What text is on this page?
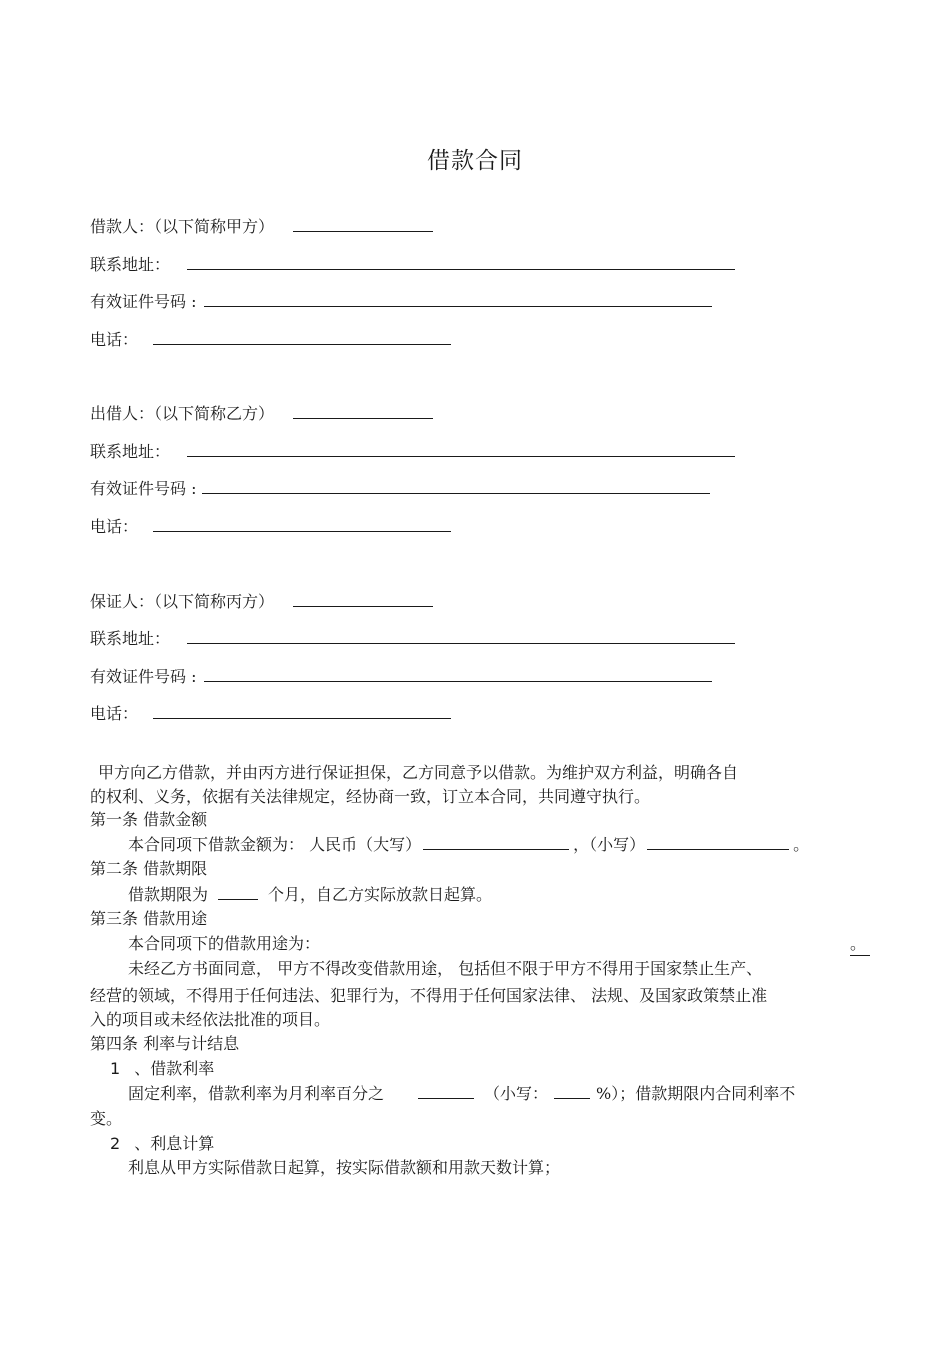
借款合同
借款人：（以下简称甲方）
联系地址：
有效证件号码 :
电话：
出借人：（以下简称乙方）
联系地址：
有效证件号码 :
电话：
保证人：（以下简称丙方）
联系地址：
有效证件号码 :
电话：
甲方向乙方借款，并由丙方进行保证担保，乙方同意予以借款。为维护双方利益，明确各自
的权利、义务，依据有关法律规定，经协商一致，订立本合同，共同遵守执行。
第一条 借款金额
本合同项下借款金额为： 人民币（大写）	，（小写）	。
第二条 借款期限
借款期限为	个月，自乙方实际放款日起算。
第三条 借款用途
本合同项下的借款用途为：	。
未经乙方书面同意， 甲方不得改变借款用途， 包括但不限于甲方不得用于国家禁止生产、
经营的领域，不得用于任何违法、犯罪行为，不得用于任何国家法律、 法规、及国家政策禁止准
入的项目或未经依法批准的项目。
第四条 利率与计结息
1 、借款利率
固定利率，借款利率为月利率百分之	（小写：	%）；借款期限内合同利率不
变。
2 、利息计算
利息从甲方实际借款日起算，按实际借款额和用款天数计算；
